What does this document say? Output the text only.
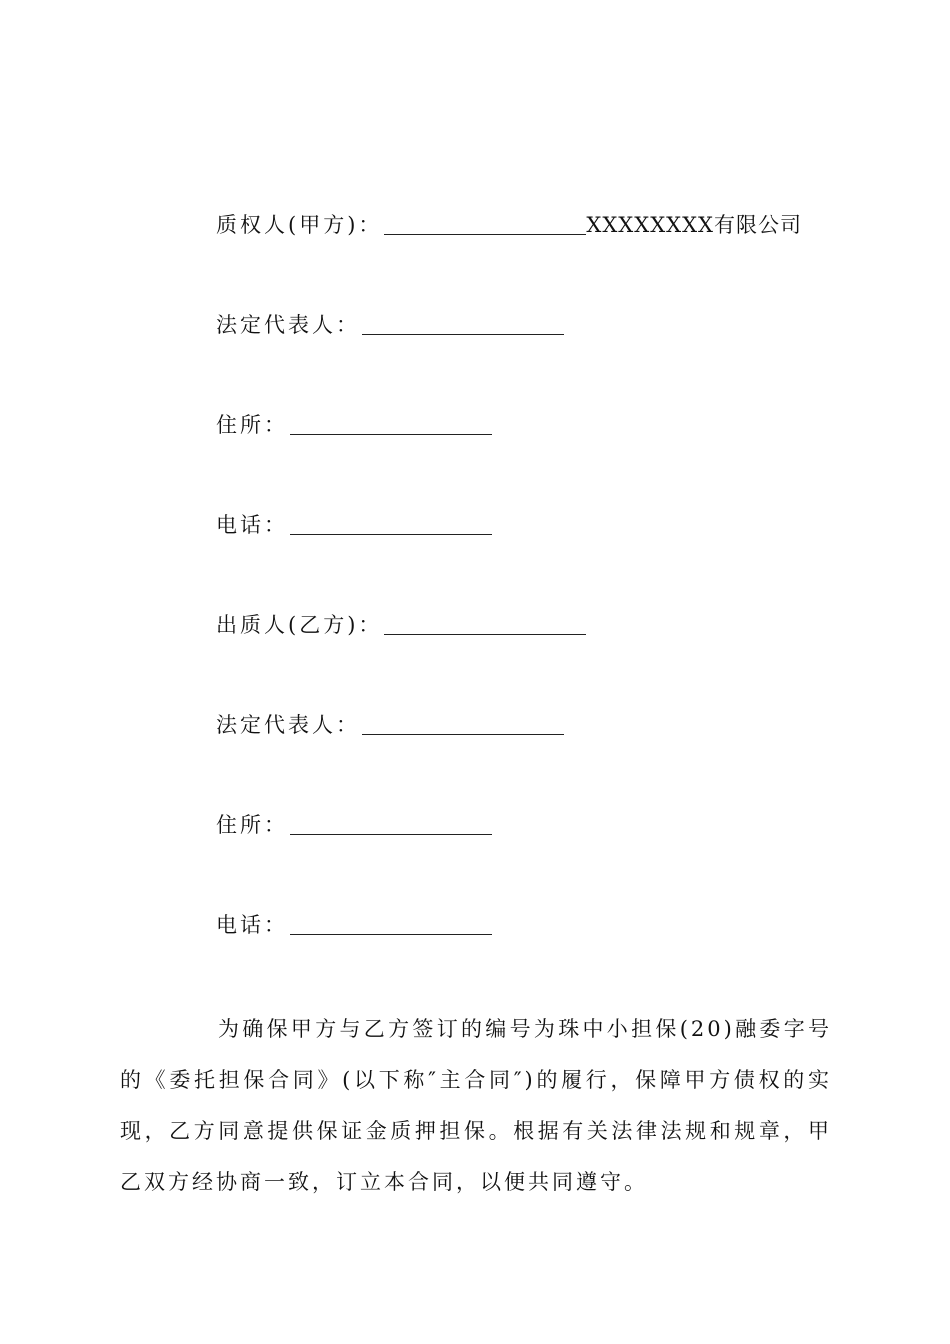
质权人(甲方)：	XXXXXXXX有限公司
法定代表人：
住所：
电话：
出质人(乙方)：
法定代表人：
住所：
电话：

为确保甲方与乙方签订的编号为珠中小担保(20)融委字号的《委托担保合同》(以下称″主合同″)的履行，保障甲方债权的实现，乙方同意提供保证金质押担保。根据有关法律法规和规章，甲乙双方经协商一致，订立本合同，以便共同遵守。
